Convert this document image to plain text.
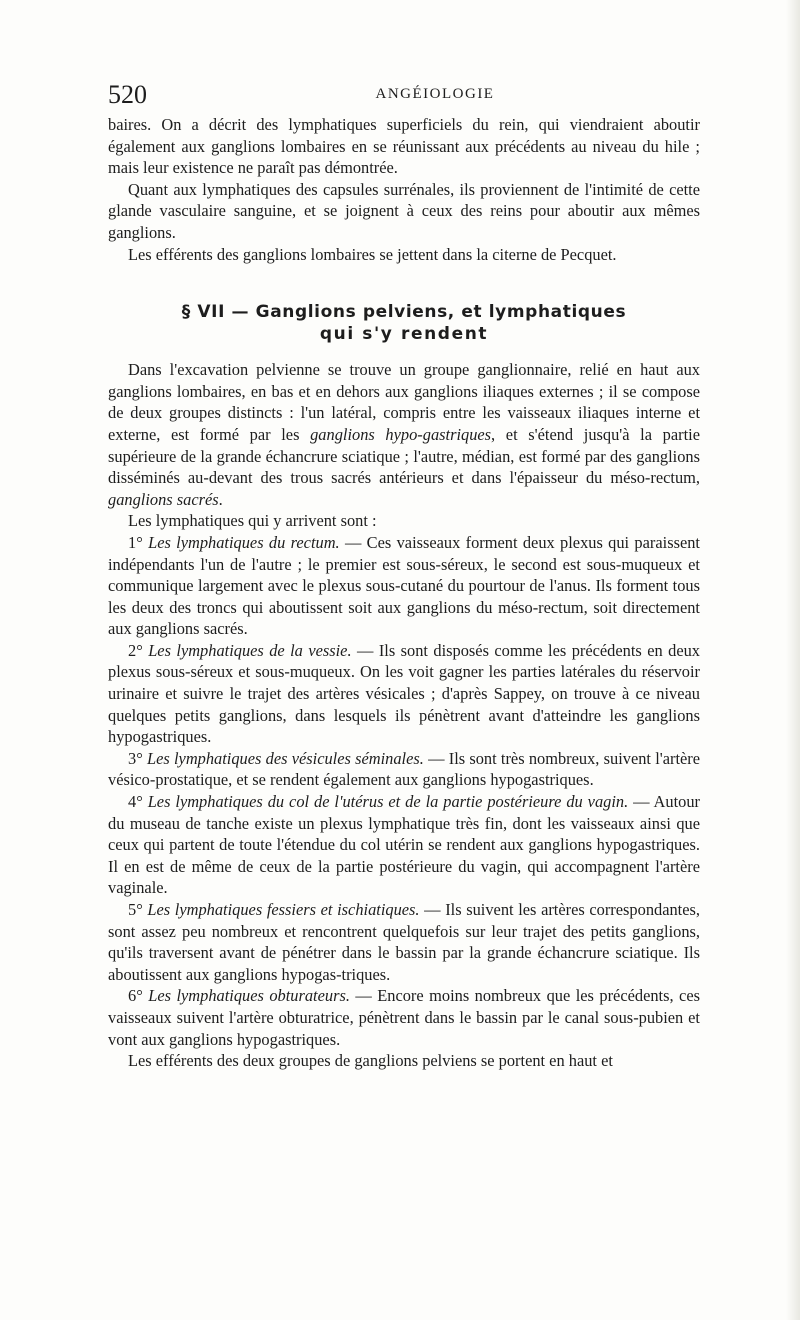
520	ANGÉIOLOGIE

baires. On a décrit des lymphatiques superficiels du rein, qui viendraient aboutir également aux ganglions lombaires en se réunissant aux précédents au niveau du hile ; mais leur existence ne paraît pas démontrée.

Quant aux lymphatiques des capsules surrénales, ils proviennent de l'intimité de cette glande vasculaire sanguine, et se joignent à ceux des reins pour aboutir aux mêmes ganglions.

Les efférents des ganglions lombaires se jettent dans la citerne de Pecquet.

§ VII — Ganglions pelviens, et lymphatiques
qui s'y rendent

Dans l'excavation pelvienne se trouve un groupe ganglionnaire, relié en haut aux ganglions lombaires, en bas et en dehors aux ganglions iliaques externes ; il se compose de deux groupes distincts : l'un latéral, compris entre les vaisseaux iliaques interne et externe, est formé par les ganglions hypo-gastriques, et s'étend jusqu'à la partie supérieure de la grande échancrure sciatique ; l'autre, médian, est formé par des ganglions disséminés au-devant des trous sacrés antérieurs et dans l'épaisseur du méso-rectum, ganglions sacrés.

Les lymphatiques qui y arrivent sont :

1° Les lymphatiques du rectum. — Ces vaisseaux forment deux plexus qui paraissent indépendants l'un de l'autre ; le premier est sous-séreux, le second est sous-muqueux et communique largement avec le plexus sous-cutané du pourtour de l'anus. Ils forment tous les deux des troncs qui aboutissent soit aux ganglions du méso-rectum, soit directement aux ganglions sacrés.

2° Les lymphatiques de la vessie. — Ils sont disposés comme les précédents en deux plexus sous-séreux et sous-muqueux. On les voit gagner les parties latérales du réservoir urinaire et suivre le trajet des artères vésicales ; d'après Sappey, on trouve à ce niveau quelques petits ganglions, dans lesquels ils pénètrent avant d'atteindre les ganglions hypogastriques.

3° Les lymphatiques des vésicules séminales. — Ils sont très nombreux, suivent l'artère vésico-prostatique, et se rendent également aux ganglions hypogastriques.

4° Les lymphatiques du col de l'utérus et de la partie postérieure du vagin. — Autour du museau de tanche existe un plexus lymphatique très fin, dont les vaisseaux ainsi que ceux qui partent de toute l'étendue du col utérin se rendent aux ganglions hypogastriques. Il en est de même de ceux de la partie postérieure du vagin, qui accompagnent l'artère vaginale.

5° Les lymphatiques fessiers et ischiatiques. — Ils suivent les artères correspondantes, sont assez peu nombreux et rencontrent quelquefois sur leur trajet des petits ganglions, qu'ils traversent avant de pénétrer dans le bassin par la grande échancrure sciatique. Ils aboutissent aux ganglions hypogas-triques.

6° Les lymphatiques obturateurs. — Encore moins nombreux que les précédents, ces vaisseaux suivent l'artère obturatrice, pénètrent dans le bassin par le canal sous-pubien et vont aux ganglions hypogastriques.

Les efférents des deux groupes de ganglions pelviens se portent en haut et
